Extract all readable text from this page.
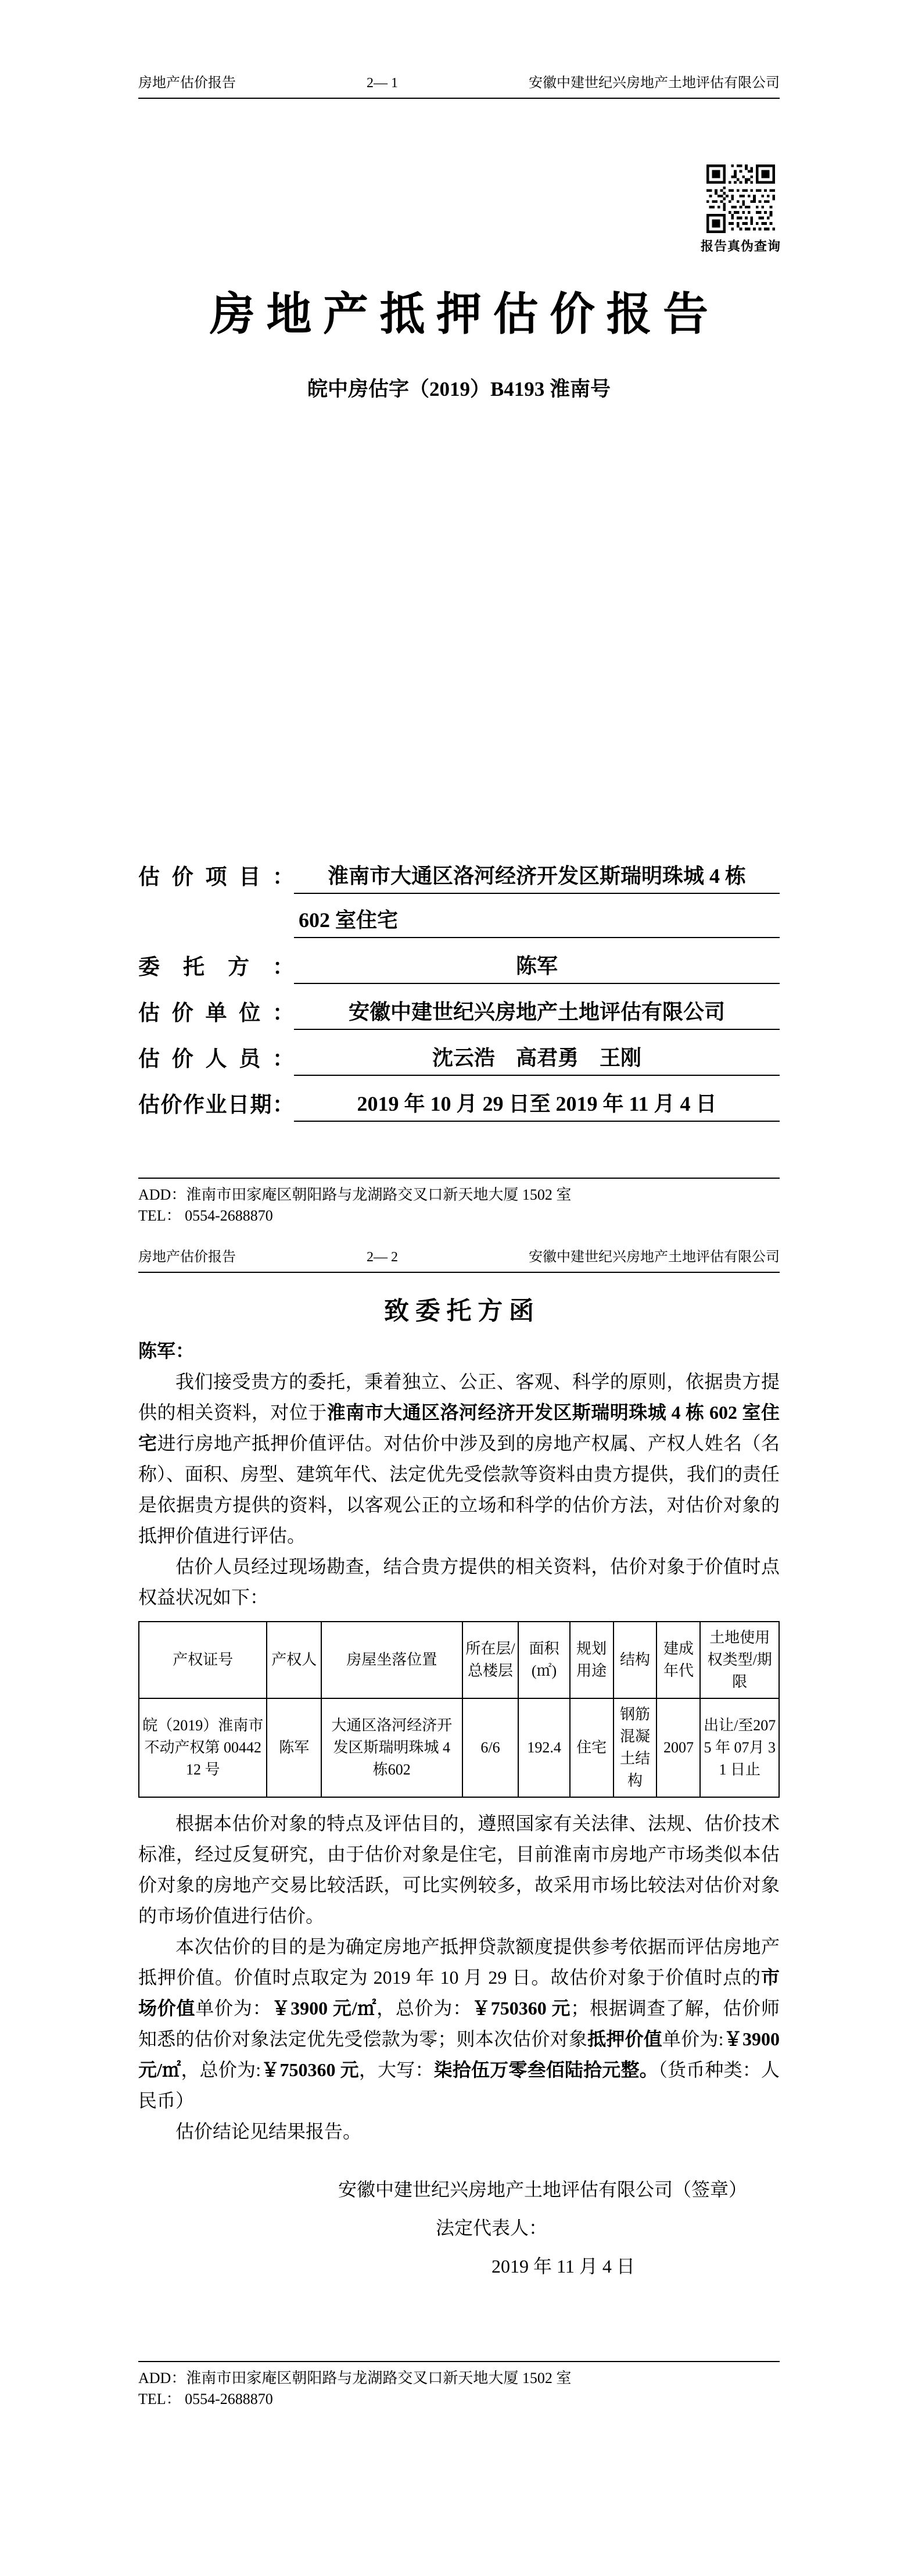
房地产估价报告	2— 1	安徽中建世纪兴房地产土地评估有限公司
报告真伪查询
房 地 产 抵 押 估 价 报 告
皖中房估字（2019）B4193 淮南号
估价项目：	淮南市大通区洛河经济开发区斯瑞明珠城 4 栋
602 室住宅
委托方：	陈军
估价单位：	安徽中建世纪兴房地产土地评估有限公司
估价人员：	沈云浩　高君勇　王刚
估价作业日期：	2019 年 10 月 29 日至 2019 年 11 月 4 日
ADD：淮南市田家庵区朝阳路与龙湖路交叉口新天地大厦 1502 室
TEL： 0554-2688870
房地产估价报告	2— 2	安徽中建世纪兴房地产土地评估有限公司
致 委 托 方 函
陈军：

我们接受贵方的委托，秉着独立、公正、客观、科学的原则，依据贵方提供的相关资料，对位于淮南市大通区洛河经济开发区斯瑞明珠城 4 栋 602 室住宅进行房地产抵押价值评估。对估价中涉及到的房地产权属、产权人姓名（名称）、面积、房型、建筑年代、法定优先受偿款等资料由贵方提供，我们的责任是依据贵方提供的资料，以客观公正的立场和科学的估价方法，对估价对象的抵押价值进行评估。

估价人员经过现场勘查，结合贵方提供的相关资料，估价对象于价值时点权益状况如下：

产权证号	产权人	房屋坐落位置	所在层/总楼层	面积(㎡)	规划用途	结构	建成年代	土地使用权类型/期限
皖（2019）淮南市不动产权第 0044212 号	陈军	大通区洛河经济开发区斯瑞明珠城 4 栋602	6/6	192.4	住宅	钢筋混凝土结构	2007	出让/至2075 年 07月 31 日止

根据本估价对象的特点及评估目的，遵照国家有关法律、法规、估价技术标准，经过反复研究，由于估价对象是住宅，目前淮南市房地产市场类似本估价对象的房地产交易比较活跃，可比实例较多，故采用市场比较法对估价对象的市场价值进行估价。

本次估价的目的是为确定房地产抵押贷款额度提供参考依据而评估房地产抵押价值。价值时点取定为 2019 年 10 月 29 日。故估价对象于价值时点的市场价值单价为：￥3900 元/㎡，总价为：￥750360 元；根据调查了解，估价师知悉的估价对象法定优先受偿款为零；则本次估价对象抵押价值单价为:￥3900 元/㎡，总价为:￥750360 元，大写：柒拾伍万零叁佰陆拾元整。（货币种类：人民币）

估价结论见结果报告。

安徽中建世纪兴房地产土地评估有限公司（签章）
法定代表人：
2019 年 11 月 4 日
ADD：淮南市田家庵区朝阳路与龙湖路交叉口新天地大厦 1502 室
TEL： 0554-2688870
